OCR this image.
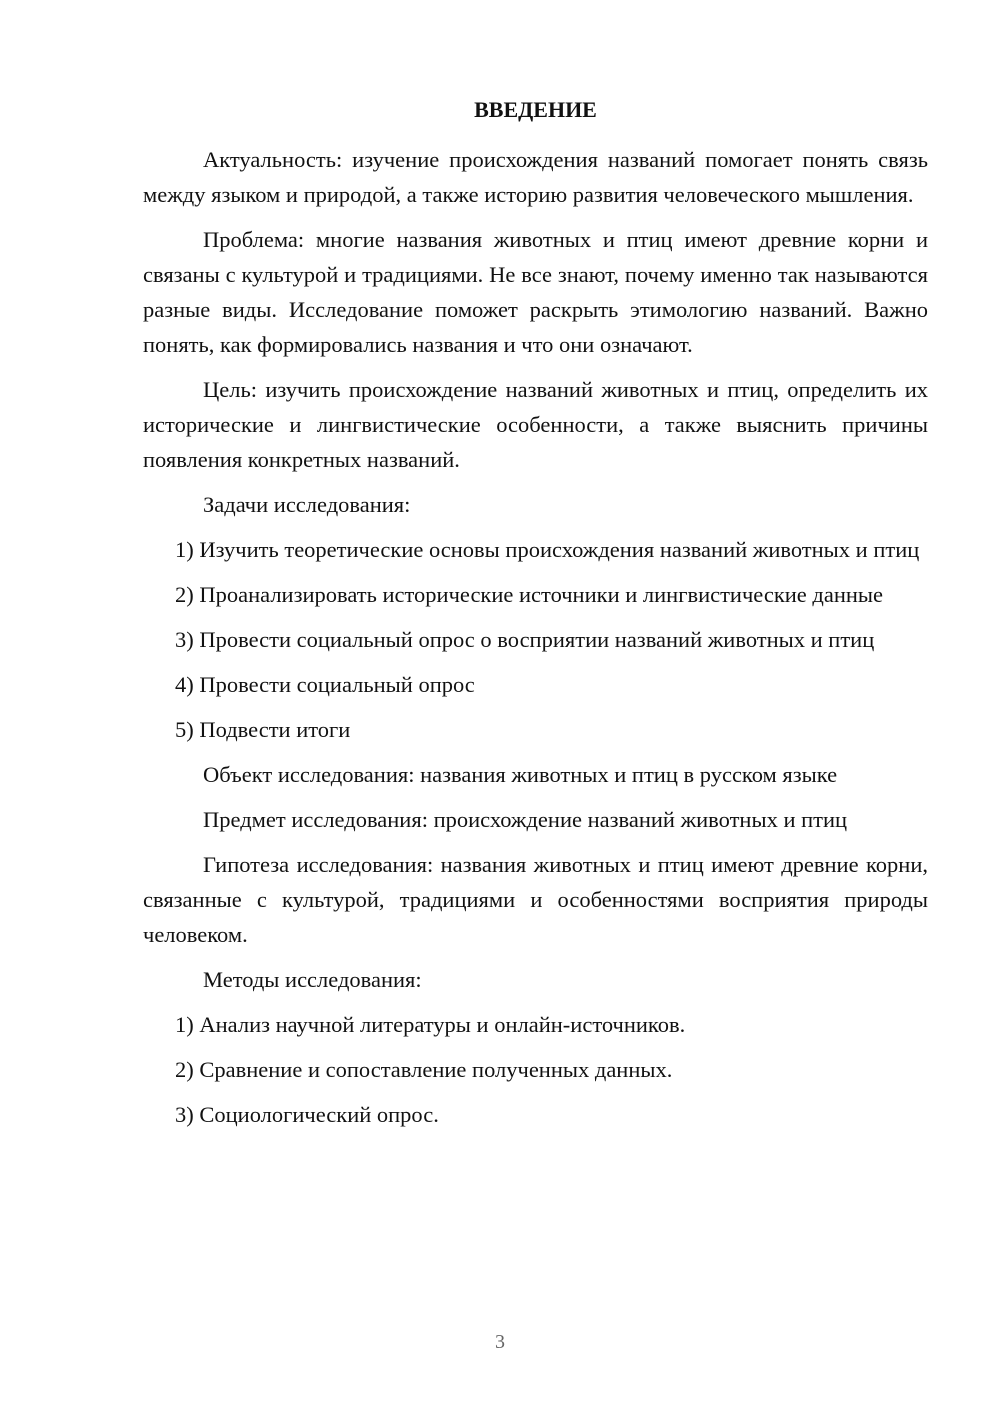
ВВЕДЕНИЕ

Актуальность: изучение происхождения названий помогает понять связь между языком и природой, а также историю развития человеческого мышления.

Проблема: многие названия животных и птиц имеют древние корни и связаны с культурой и традициями. Не все знают, почему именно так называются разные виды. Исследование поможет раскрыть этимологию названий. Важно понять, как формировались названия и что они означают.

Цель: изучить происхождение названий животных и птиц, определить их исторические и лингвистические особенности, а также выяснить причины появления конкретных названий.

Задачи исследования:

1) Изучить теоретические основы происхождения названий животных и птиц

2) Проанализировать исторические источники и лингвистические данные

3) Провести социальный опрос о восприятии названий животных и птиц

4) Провести социальный опрос

5) Подвести итоги

Объект исследования: названия животных и птиц в русском языке

Предмет исследования: происхождение названий животных и птиц

Гипотеза исследования: названия животных и птиц имеют древние корни, связанные с культурой, традициями и особенностями восприятия природы человеком.

Методы исследования:

1) Анализ научной литературы и онлайн-источников.

2) Сравнение и сопоставление полученных данных.

3) Социологический опрос.

3
